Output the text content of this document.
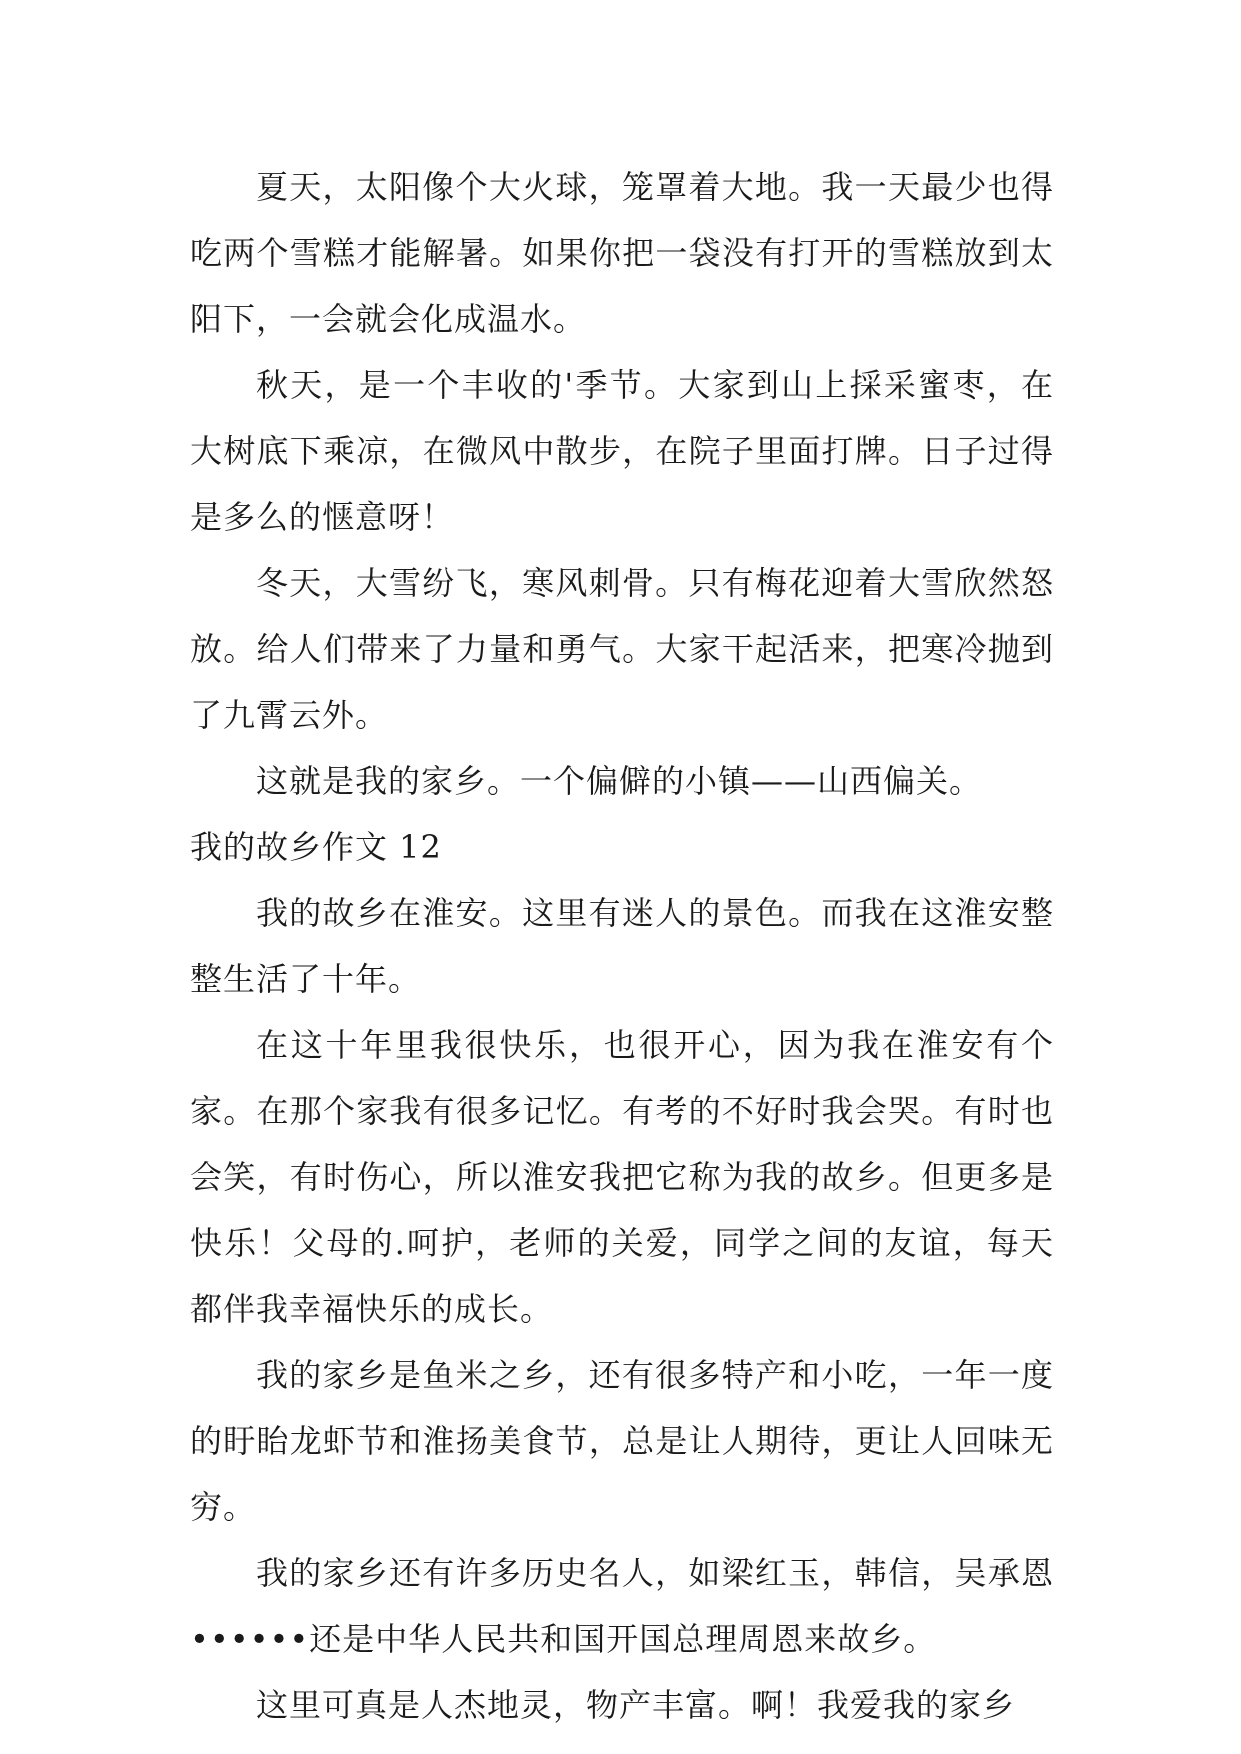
夏天，太阳像个大火球，笼罩着大地。我一天最少也得吃两个雪糕才能解暑。如果你把一袋没有打开的雪糕放到太阳下，一会就会化成温水。

秋天，是一个丰收的'季节。大家到山上採采蜜枣，在大树底下乘凉，在微风中散步，在院子里面打牌。日子过得是多么的惬意呀！

冬天，大雪纷飞，寒风刺骨。只有梅花迎着大雪欣然怒放。给人们带来了力量和勇气。大家干起活来，把寒冷抛到了九霄云外。

这就是我的家乡。一个偏僻的小镇——山西偏关。

我的故乡作文 12

我的故乡在淮安。这里有迷人的景色。而我在这淮安整整生活了十年。

在这十年里我很快乐，也很开心，因为我在淮安有个家。在那个家我有很多记忆。有考的不好时我会哭。有时也会笑，有时伤心，所以淮安我把它称为我的故乡。但更多是快乐！父母的.呵护，老师的关爱，同学之间的友谊，每天都伴我幸福快乐的成长。

我的家乡是鱼米之乡，还有很多特产和小吃，一年一度的盱眙龙虾节和淮扬美食节，总是让人期待，更让人回味无穷。

我的家乡还有许多历史名人，如梁红玉，韩信，吴承恩••••••还是中华人民共和国开国总理周恩来故乡。

这里可真是人杰地灵，物产丰富。啊！我爱我的家乡
